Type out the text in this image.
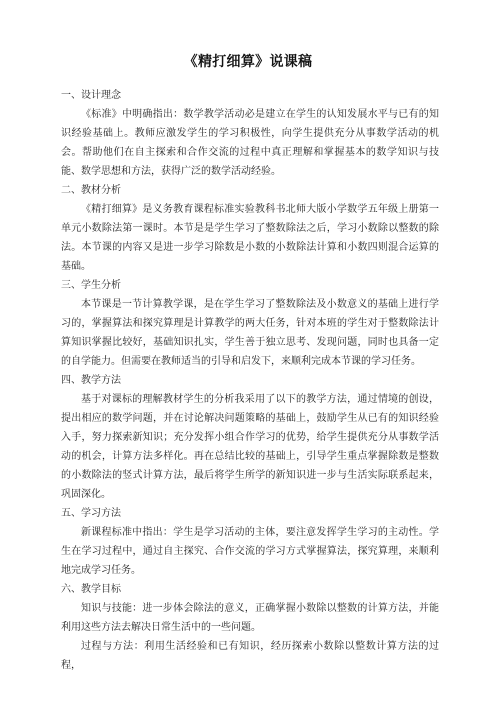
《精打细算》说课稿
一、设计理念

《标准》中明确指出：数学教学活动必是建立在学生的认知发展水平与已有的知识经验基础上。教师应激发学生的学习积极性，向学生提供充分从事数学活动的机会。帮助他们在自主探索和合作交流的过程中真正理解和掌握基本的数学知识与技能、数学思想和方法，获得广泛的数学活动经验。

二、教材分析

《精打细算》是义务教育课程标准实验教科书北师大版小学数学五年级上册第一单元小数除法第一课时。本节是是学生学习了整数除法之后，学习小数除以整数的除法。本节课的内容又是进一步学习除数是小数的小数除法计算和小数四则混合运算的基础。

三、学生分析

本节课是一节计算教学课，是在学生学习了整数除法及小数意义的基础上进行学习的，掌握算法和探究算理是计算教学的两大任务，针对本班的学生对于整数除法计算知识掌握比较好，基础知识扎实，学生善于独立思考、发现问题，同时也具备一定的自学能力。但需要在教师适当的引导和启发下，来顺利完成本节课的学习任务。

四、教学方法

基于对课标的理解教材学生的分析我采用了以下的教学方法，通过情境的创设，提出相应的数学问题，并在讨论解决问题策略的基础上，鼓励学生从已有的知识经验入手，努力探索新知识；充分发挥小组合作学习的优势，给学生提供充分从事数学活动的机会，计算方法多样化。再在总结比较的基础上，引导学生重点掌握除数是整数的小数除法的竖式计算方法，最后将学生所学的新知识进一步与生活实际联系起来，巩固深化。

五、学习方法

新课程标准中指出：学生是学习活动的主体，要注意发挥学生学习的主动性。学生在学习过程中，通过自主探究、合作交流的学习方式掌握算法，探究算理，来顺利地完成学习任务。

六、教学目标

知识与技能：进一步体会除法的意义，正确掌握小数除以整数的计算方法，并能利用这些方法去解决日常生活中的一些问题。

过程与方法：利用生活经验和已有知识，经历探索小数除以整数计算方法的过程，
